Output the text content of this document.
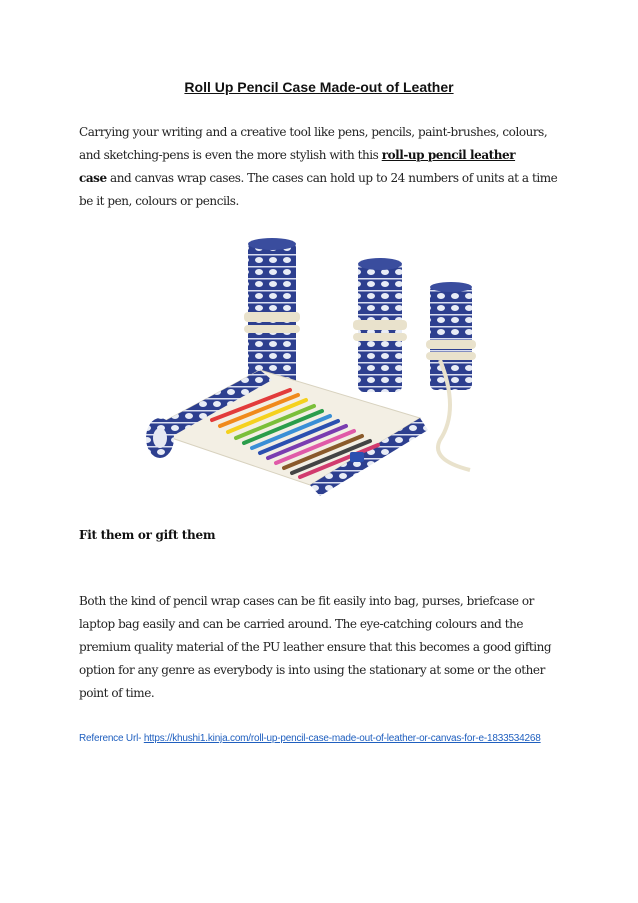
Roll Up Pencil Case Made-out of Leather

Carrying your writing and a creative tool like pens, pencils, paint-brushes, colours, and sketching-pens is even the more stylish with this roll-up pencil leather
case and canvas wrap cases. The cases can hold up to 24 numbers of units at a time be it pen, colours or pencils.

Fit them or gift them

Both the kind of pencil wrap cases can be fit easily into bag, purses, briefcase or laptop bag easily and can be carried around. The eye-catching colours and the premium quality material of the PU leather ensure that this becomes a good gifting option for any genre as everybody is into using the stationary at some or the other point of time.

Reference Url- https://khushi1.kinja.com/roll-up-pencil-case-made-out-of-leather-or-canvas-for-e-1833534268
